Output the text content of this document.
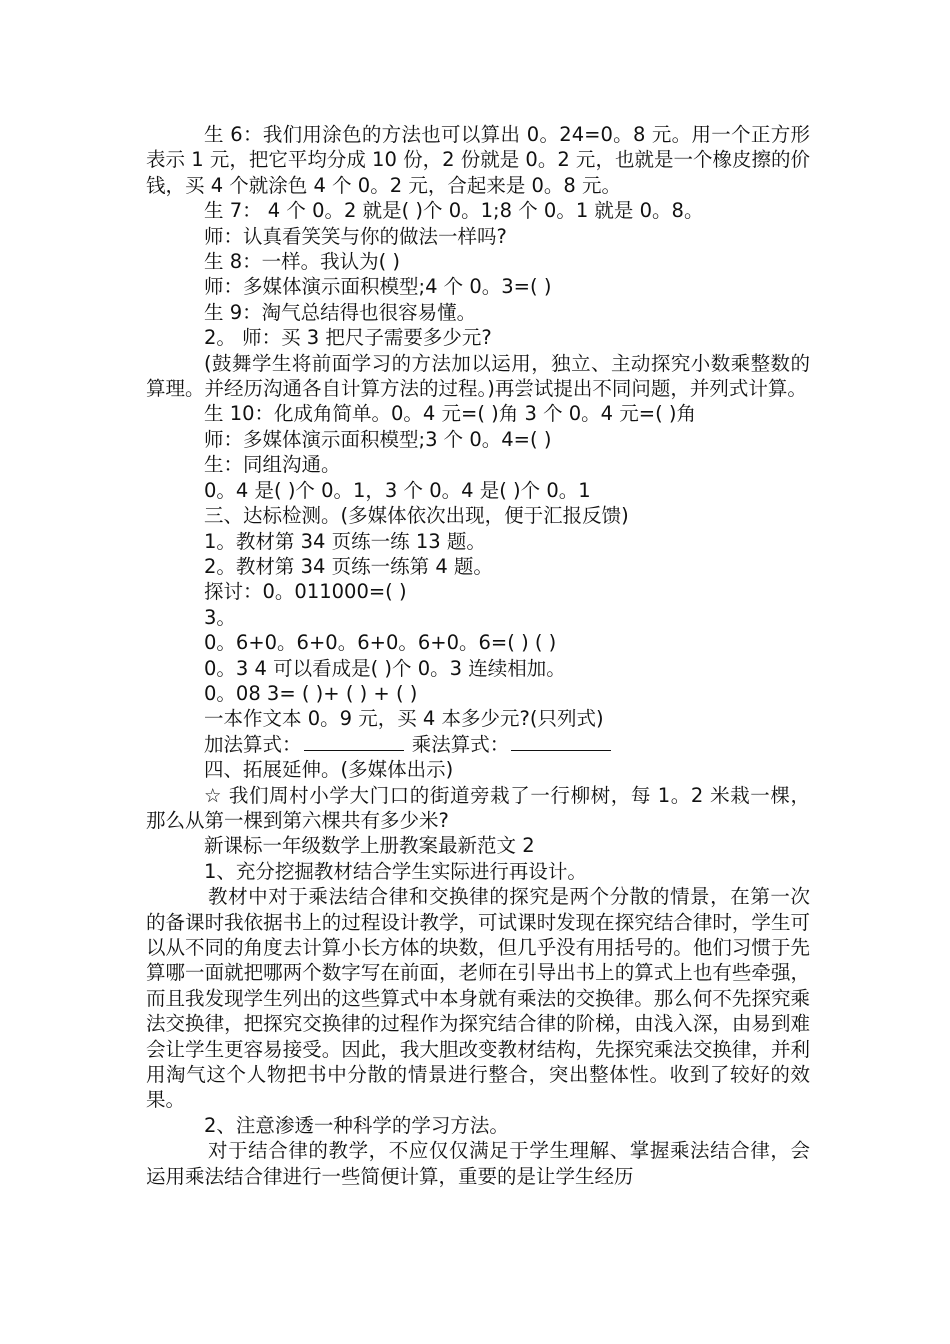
生 6：我们用涂色的方法也可以算出 0。24=0。8 元。用一个正方形表示 1 元，把它平均分成 10 份，2 份就是 0。2 元，也就是一个橡皮擦的价钱，买 4 个就涂色 4 个 0。2 元，合起来是 0。8 元。

生 7： 4 个 0。2 就是( )个 0。1;8 个 0。1 就是 0。8。

师：认真看笑笑与你的做法一样吗?

生 8：一样。我认为( )

师：多媒体演示面积模型;4 个 0。3=( )

生 9：淘气总结得也很容易懂。

2。 师：买 3 把尺子需要多少元?

(鼓舞学生将前面学习的方法加以运用，独立、主动探究小数乘整数的算理。并经历沟通各自计算方法的过程。)再尝试提出不同问题，并列式计算。

生 10：化成角简单。0。4 元=( )角 3 个 0。4 元=( )角

师：多媒体演示面积模型;3 个 0。4=( )

生：同组沟通。

0。4 是( )个 0。1，3 个 0。4 是( )个 0。1

三、达标检测。(多媒体依次出现，便于汇报反馈)

1。教材第 34 页练一练 13 题。

2。教材第 34 页练一练第 4 题。

探讨：0。011000=( )

3。

0。6+0。6+0。6+0。6+0。6=( ) ( )

0。3 4 可以看成是( )个 0。3 连续相加。

0。08 3= ( )+ ( ) + ( )

一本作文本 0。9 元，买 4 本多少元?(只列式)

加法算式：	乘法算式：

四、拓展延伸。(多媒体出示)

☆ 我们周村小学大门口的街道旁栽了一行柳树，每 1。2 米栽一棵，那么从第一棵到第六棵共有多少米?

新课标一年级数学上册教案最新范文 2

1、充分挖掘教材结合学生实际进行再设计。

教材中对于乘法结合律和交换律的探究是两个分散的情景，在第一次的备课时我依据书上的过程设计教学，可试课时发现在探究结合律时，学生可以从不同的角度去计算小长方体的块数，但几乎没有用括号的。他们习惯于先算哪一面就把哪两个数字写在前面，老师在引导出书上的算式上也有些牵强，而且我发现学生列出的这些算式中本身就有乘法的交换律。那么何不先探究乘法交换律，把探究交换律的过程作为探究结合律的阶梯，由浅入深，由易到难会让学生更容易接受。因此，我大胆改变教材结构，先探究乘法交换律，并利用淘气这个人物把书中分散的情景进行整合，突出整体性。收到了较好的效果。

2、注意渗透一种科学的学习方法。

对于结合律的教学，不应仅仅满足于学生理解、掌握乘法结合律，会运用乘法结合律进行一些简便计算，重要的是让学生经历
